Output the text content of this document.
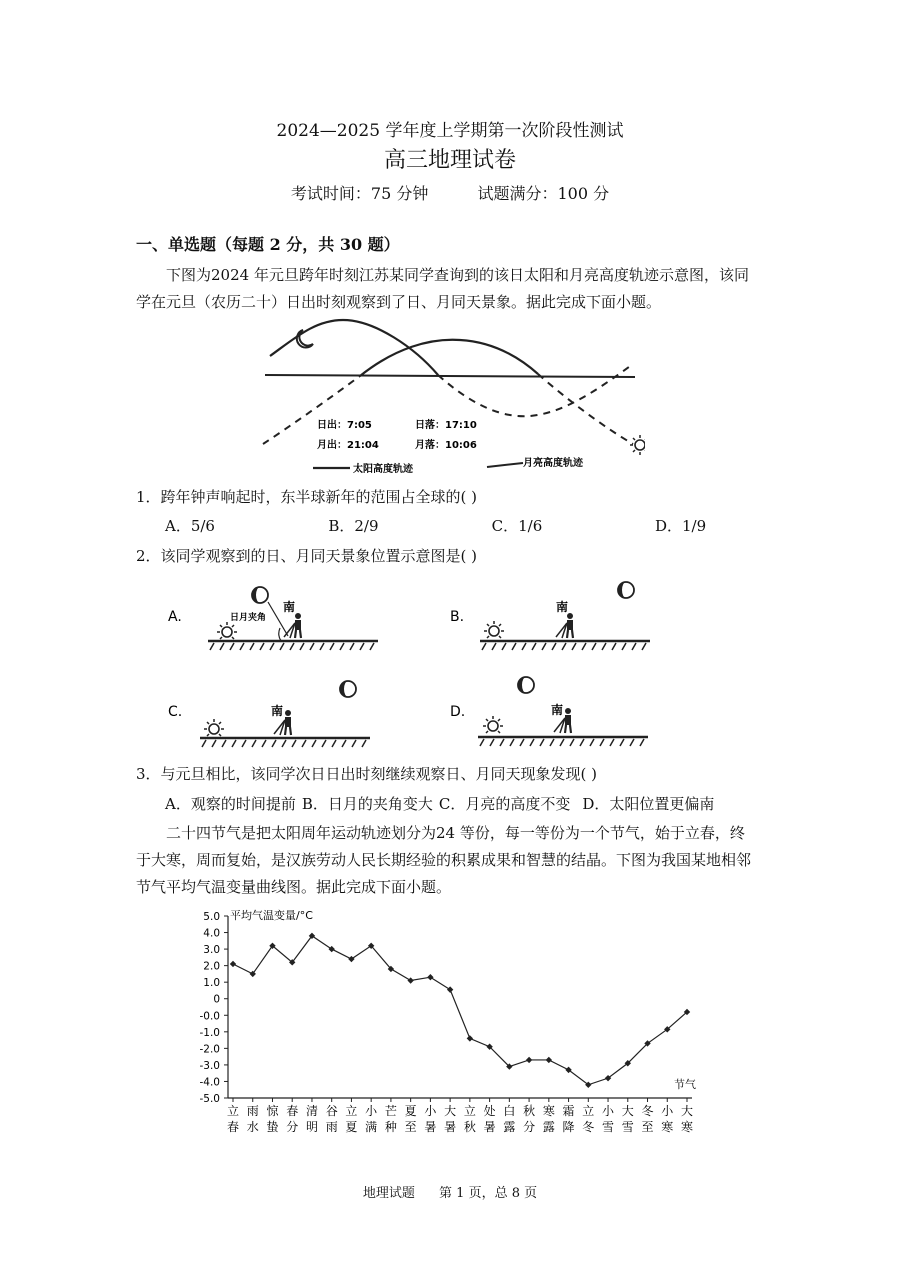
2024—2025 学年度上学期第一次阶段性测试
高三地理试卷
考试时间：75 分钟	试题满分：100 分
一、单选题（每题 2 分，共 30 题）
下图为2024 年元旦跨年时刻江苏某同学查询到的该日太阳和月亮高度轨迹示意图，该同学在元旦（农历二十）日出时刻观察到了日、月同天景象。据此完成下面小题。
日出：7:05	日落：17:10
月出：21:04	月落：10:06
太阳高度轨迹
月亮高度轨迹
1．跨年钟声响起时，东半球新年的范围占全球的( )
A．5/6	B．2/9	C．1/6	D．1/9
2．该同学观察到的日、月同天景象位置示意图是( )
A.	日月夹角
南
B.
南
C.	南	D.	南
3．与元旦相比，该同学次日日出时刻继续观察日、月同天现象发现( )
A．观察的时间提前 B．日月的夹角变大 C．月亮的高度不变 D．太阳位置更偏南
二十四节气是把太阳周年运动轨迹划分为24 等份，每一等份为一个节气，始于立春，终于大寒，周而复始，是汉族劳动人民长期经验的积累成果和智慧的结晶。下图为我国某地相邻节气平均气温变量曲线图。据此完成下面小题。
5.0
4.0
3.0
2.0
1.0
0
-0.0
-1.0
-2.0
-3.0
-4.0
-5.0
立
春
雨
水
惊
蛰
春
分
清
明
谷
雨
立
夏
小
满
芒
种
夏
至
小
暑
大
暑
立
秋
处
暑
白
露
秋
分
寒
露
霜
降
立
冬
小
雪
大
雪
冬
至
小
寒
大
寒
平均气温变量/°C
节气
地理试题 第 1 页，总 8 页
